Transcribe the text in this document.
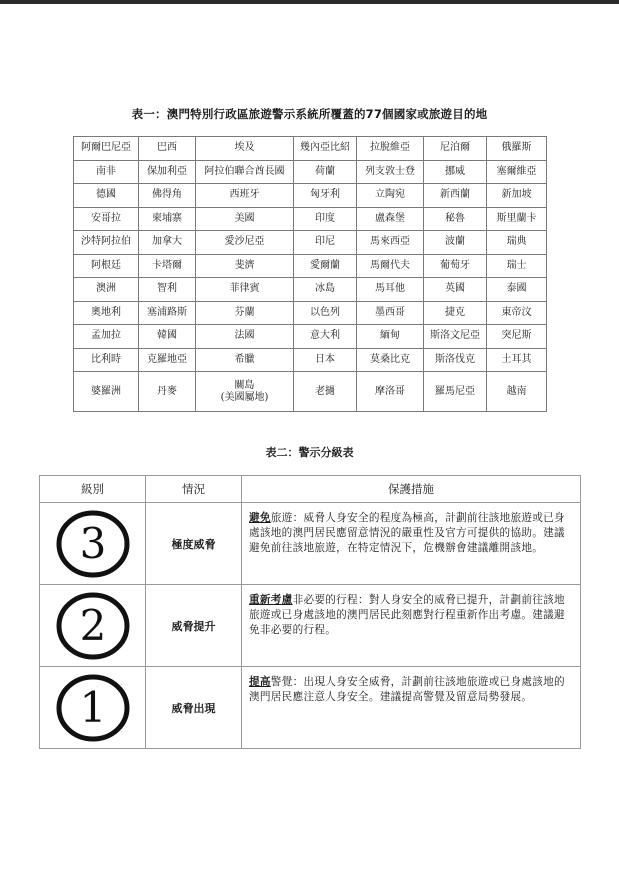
表一：澳門特別行政區旅遊警示系統所覆蓋的77個國家或旅遊目的地
阿爾巴尼亞	巴西	埃及	幾內亞比紹	拉脫維亞	尼泊爾	俄羅斯

南非	保加利亞	阿拉伯聯合酋長國	荷蘭	列支敦士登	挪威	塞爾維亞

德國	佛得角	西班牙	匈牙利	立陶宛	新西蘭	新加坡

安哥拉	柬埔寨	美國	印度	盧森堡	秘魯	斯里蘭卡

沙特阿拉伯	加拿大	愛沙尼亞	印尼	馬來西亞	波蘭	瑞典

阿根廷	卡塔爾	斐濟	愛爾蘭	馬爾代夫	葡萄牙	瑞士

澳洲	智利	菲律賓	冰島	馬耳他	英國	泰國

奧地利	塞浦路斯	芬蘭	以色列	墨西哥	捷克	東帝汶

孟加拉	韓國	法國	意大利	緬甸	斯洛文尼亞	突尼斯

比利時	克羅地亞	希臘	日本	莫桑比克	斯洛伐克	土耳其

婆羅洲	丹麥	關島
(美國屬地)	老撾	摩洛哥	羅馬尼亞	越南
表二：警示分級表
級別	情況	保護措施

3	極度威脅	避免旅遊：威脅人身安全的程度為極高，計劃前往該地旅遊或已身處該地的澳門居民應留意情況的嚴重性及官方可提供的協助。建議避免前往該地旅遊，在特定情況下，危機辦會建議離開該地。

2	威脅提升	重新考慮非必要的行程：對人身安全的威脅已提升，計劃前往該地旅遊或已身處該地的澳門居民此刻應對行程重新作出考慮。建議避免非必要的行程。

1	威脅出現	提高警覺：出現人身安全威脅，計劃前往該地旅遊或已身處該地的澳門居民應注意人身安全。建議提高警覺及留意局勢發展。
